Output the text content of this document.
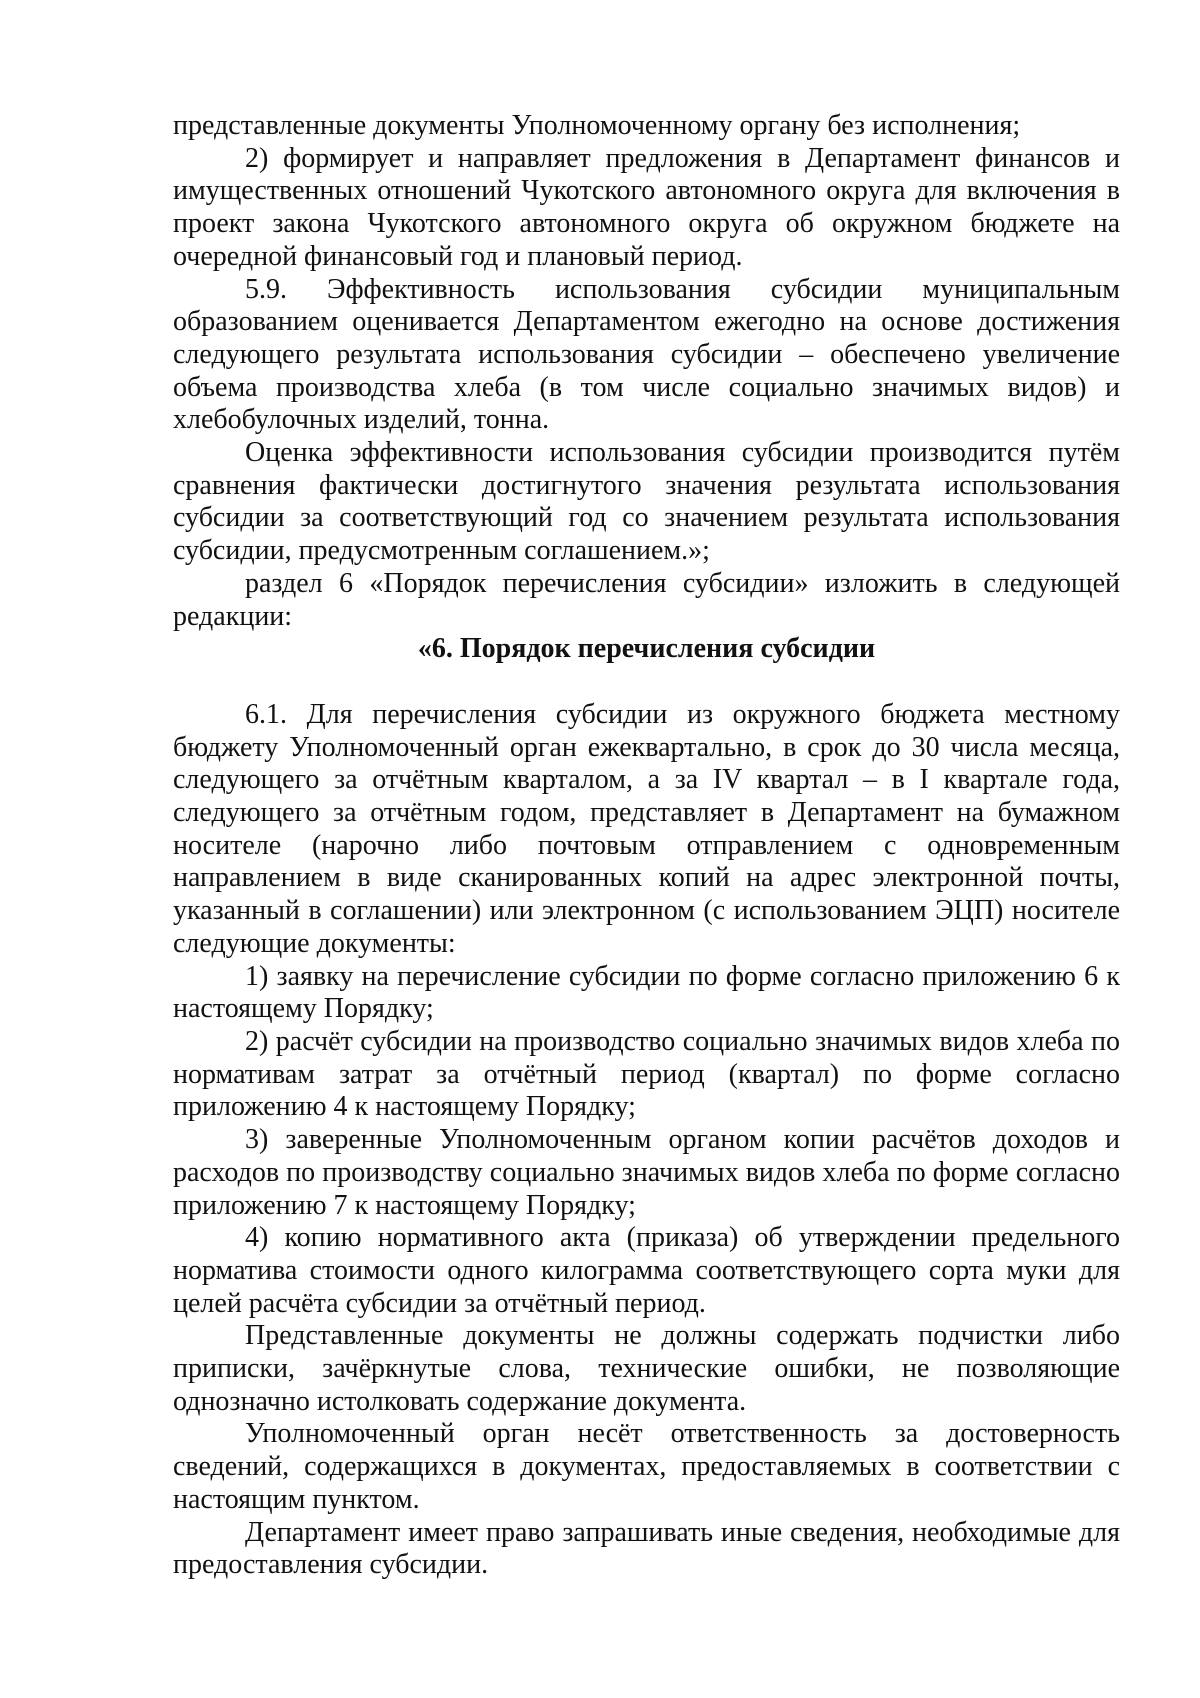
представленные документы Уполномоченному органу без исполнения;

2) формирует и направляет предложения в Департамент финансов и имущественных отношений Чукотского автономного округа для включения в проект закона Чукотского автономного округа об окружном бюджете на очередной финансовый год и плановый период.

5.9. Эффективность использования субсидии муниципальным образованием оценивается Департаментом ежегодно на основе достижения следующего результата использования субсидии – обеспечено увеличение объема производства хлеба (в том числе социально значимых видов) и хлебобулочных изделий, тонна.

Оценка эффективности использования субсидии производится путём сравнения фактически достигнутого значения результата использования субсидии за соответствующий год со значением результата использования субсидии, предусмотренным соглашением.»;

раздел 6 «Порядок перечисления субсидии» изложить в следующей редакции:

«6. Порядок перечисления субсидии

6.1. Для перечисления субсидии из окружного бюджета местному бюджету Уполномоченный орган ежеквартально, в срок до 30 числа месяца, следующего за отчётным кварталом, а за IV квартал – в I квартале года, следующего за отчётным годом, представляет в Департамент на бумажном носителе (нарочно либо почтовым отправлением с одновременным направлением в виде сканированных копий на адрес электронной почты, указанный в соглашении) или электронном (с использованием ЭЦП) носителе следующие документы:

1) заявку на перечисление субсидии по форме согласно приложению 6 к настоящему Порядку;

2) расчёт субсидии на производство социально значимых видов хлеба по нормативам затрат за отчётный период (квартал) по форме согласно приложению 4 к настоящему Порядку;

3) заверенные Уполномоченным органом копии расчётов доходов и расходов по производству социально значимых видов хлеба по форме согласно приложению 7 к настоящему Порядку;

4) копию нормативного акта (приказа) об утверждении предельного норматива стоимости одного килограмма соответствующего сорта муки для целей расчёта субсидии за отчётный период.

Представленные документы не должны содержать подчистки либо приписки, зачёркнутые слова, технические ошибки, не позволяющие однозначно истолковать содержание документа.

Уполномоченный орган несёт ответственность за достоверность сведений, содержащихся в документах, предоставляемых в соответствии с настоящим пунктом.

Департамент имеет право запрашивать иные сведения, необходимые для предоставления субсидии.
